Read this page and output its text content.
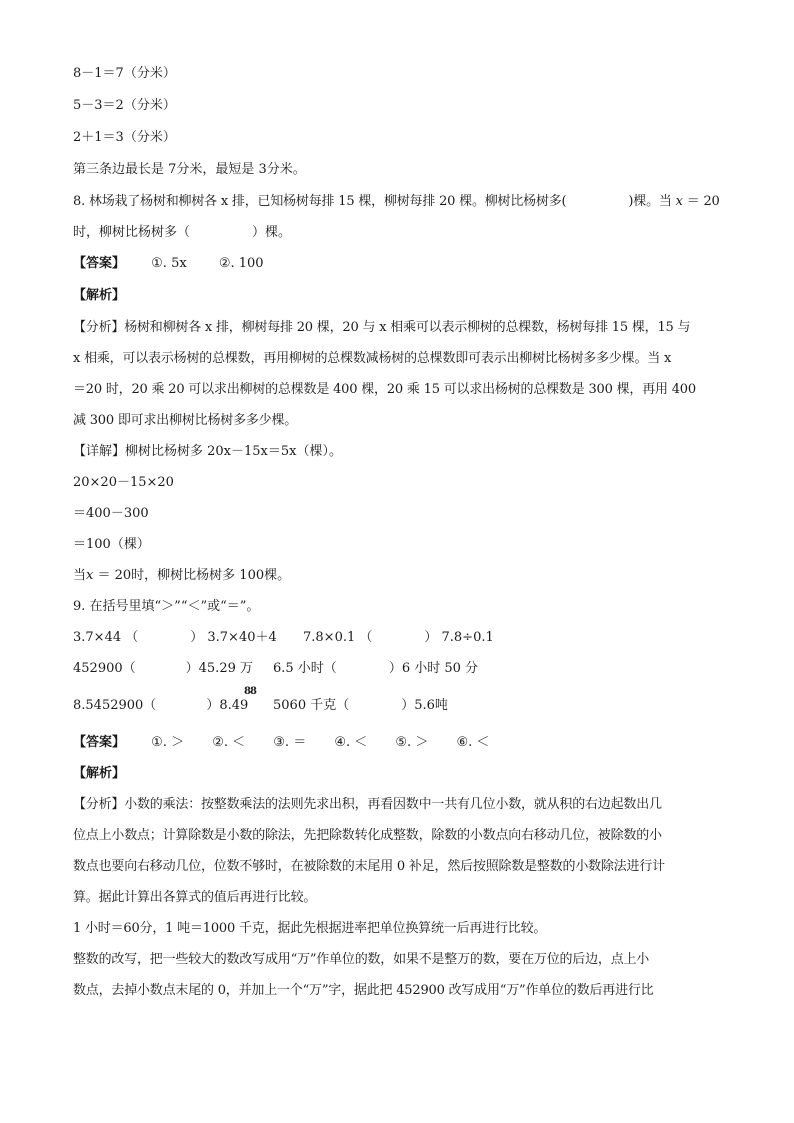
8－1＝7（分米）
5－3＝2（分米）
2＋1＝3（分米）
第三条边最长是 7分米，最短是 3分米。
8. 林场栽了杨树和柳树各 x 排，已知杨树每排 15 棵，柳树每排 20 棵。柳树比杨树多(	)棵。当 x ＝ 20
时，柳树比杨树多（	）棵。
【答案】 ①. 5x ②. 100
【解析】
【分析】杨树和柳树各 x 排，柳树每排 20 棵，20 与 x 相乘可以表示柳树的总棵数，杨树每排 15 棵，15 与
x 相乘，可以表示杨树的总棵数，再用柳树的总棵数减杨树的总棵数即可表示出柳树比杨树多多少棵。当 x
＝20 时，20 乘 20 可以求出柳树的总棵数是 400 棵，20 乘 15 可以求出杨树的总棵数是 300 棵，再用 400
减 300 即可求出柳树比杨树多多少棵。
【详解】柳树比杨树多 20x－15x＝5x（棵）。
20×20－15×20
＝400－300
＝100（棵）
当x ＝ 20时，柳树比杨树多 100棵。
9. 在括号里填“＞”“＜”或“＝”。
3.7×44 （	） 3.7×40＋4 7.8×0.1 （	） 7.8÷0.1
452900（	）45.29 万 6.5 小时（	）6 小时 50 分
8.5452900（	）8.4
88
9 5060 千克（	）5.6吨
【答案】 ①. ＞ ②. ＜ ③. ＝ ④. ＜ ⑤. ＞ ⑥. ＜
【解析】
【分析】小数的乘法：按整数乘法的法则先求出积，再看因数中一共有几位小数，就从积的右边起数出几
位点上小数点；计算除数是小数的除法，先把除数转化成整数，除数的小数点向右移动几位，被除数的小
数点也要向右移动几位，位数不够时，在被除数的末尾用 0 补足，然后按照除数是整数的小数除法进行计
算。据此计算出各算式的值后再进行比较。
1 小时＝60分，1 吨＝1000 千克，据此先根据进率把单位换算统一后再进行比较。
整数的改写，把一些较大的数改写成用“万”作单位的数，如果不是整万的数，要在万位的后边，点上小
数点，去掉小数点末尾的 0，并加上一个“万”字，据此把 452900 改写成用“万”作单位的数后再进行比
